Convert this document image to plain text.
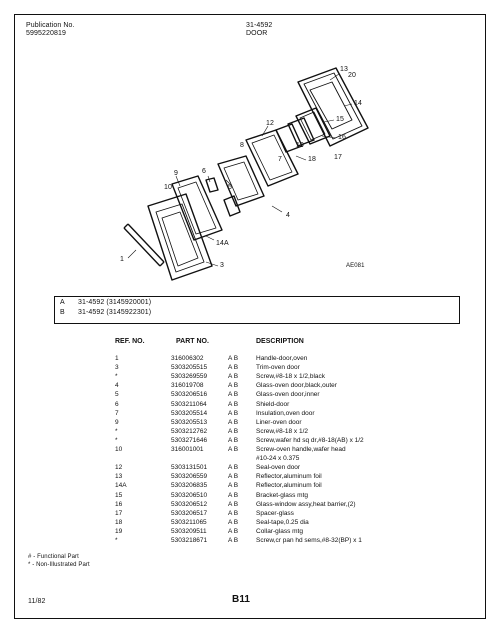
Publication No.
5995220819
31-4592
DOOR
1
3
4
5
6
7
8
9
10
12
13
14
14A
15
16
17
18
19
20
AE081
A 31-4592 (3145920001)
B 31-4592 (3145922301)
REF. NO.	PART NO.	DESCRIPTION
1	316006302	A B	Handle-door,oven
3	5303205515	A B	Trim-oven door
*	5303269559	A B	Screw,#8-18 x 1/2,black
4	316019708	A B	Glass-oven door,black,outer
5	5303206516	A B	Glass-oven door,inner
6	5303211064	A B	Shield-door
7	5303205514	A B	Insulation,oven door
9	5303205513	A B	Liner-oven door
*	5303212762	A B	Screw,#8-18 x 1/2
*	5303271646	A B	Screw,wafer hd sq dr,#8-18(AB) x 1/2
10	316001001	A B	Screw-oven handle,wafer head
#10-24 x 0.375
12	5303131501	A B	Seal-oven door
13	5303206559	A B	Reflector,aluminum foil
14A	5303206835	A B	Reflector,aluminum foil
15	5303206510	A B	Bracket-glass mtg
16	5303206512	A B	Glass-window assy,heat barrier,(2)
17	5303206517	A B	Spacer-glass
18	5303211065	A B	Seal-tape,0.25 dia
19	5303209511	A B	Collar-glass mtg
*	5303218671	A B	Screw,cr pan hd sems,#8-32(BP) x 1
# - Functional Part
* - Non-Illustrated Part
11/82	B11
